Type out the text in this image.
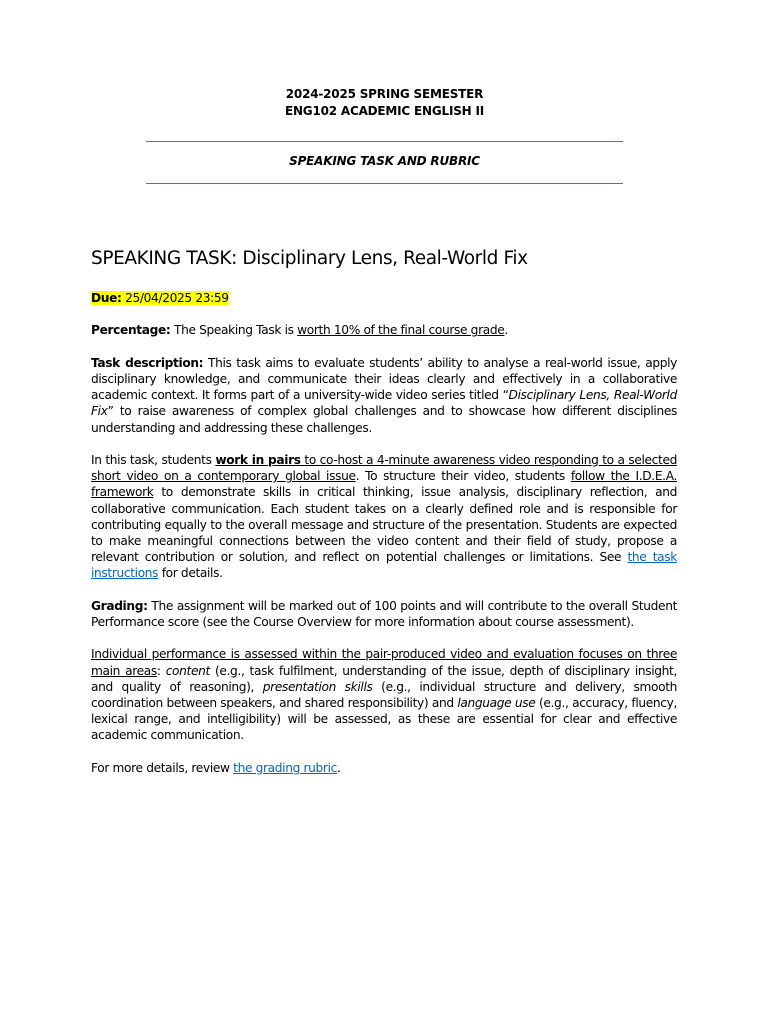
2024-2025 SPRING SEMESTER
ENG102 ACADEMIC ENGLISH II
SPEAKING TASK AND RUBRIC
SPEAKING TASK: Disciplinary Lens, Real-World Fix
Due: 25/04/2025 23:59

Percentage: The Speaking Task is worth 10% of the final course grade.

Task description: This task aims to evaluate students’ ability to analyse a real-world issue, apply disciplinary knowledge, and communicate their ideas clearly and effectively in a collaborative academic context. It forms part of a university-wide video series titled “Disciplinary Lens, Real-World Fix” to raise awareness of complex global challenges and to showcase how different disciplines understanding and addressing these challenges.

In this task, students work in pairs to co-host a 4-minute awareness video responding to a selected short video on a contemporary global issue. To structure their video, students follow the I.D.E.A. framework to demonstrate skills in critical thinking, issue analysis, disciplinary reflection, and collaborative communication. Each student takes on a clearly defined role and is responsible for contributing equally to the overall message and structure of the presentation. Students are expected to make meaningful connections between the video content and their field of study, propose a relevant contribution or solution, and reflect on potential challenges or limitations. See the task instructions for details.

Grading: The assignment will be marked out of 100 points and will contribute to the overall Student Performance score (see the Course Overview for more information about course assessment).

Individual performance is assessed within the pair-produced video and evaluation focuses on three main areas: content (e.g., task fulfilment, understanding of the issue, depth of disciplinary insight, and quality of reasoning), presentation skills (e.g., individual structure and delivery, smooth coordination between speakers, and shared responsibility) and language use (e.g., accuracy, fluency, lexical range, and intelligibility) will be assessed, as these are essential for clear and effective academic communication.

For more details, review the grading rubric.
